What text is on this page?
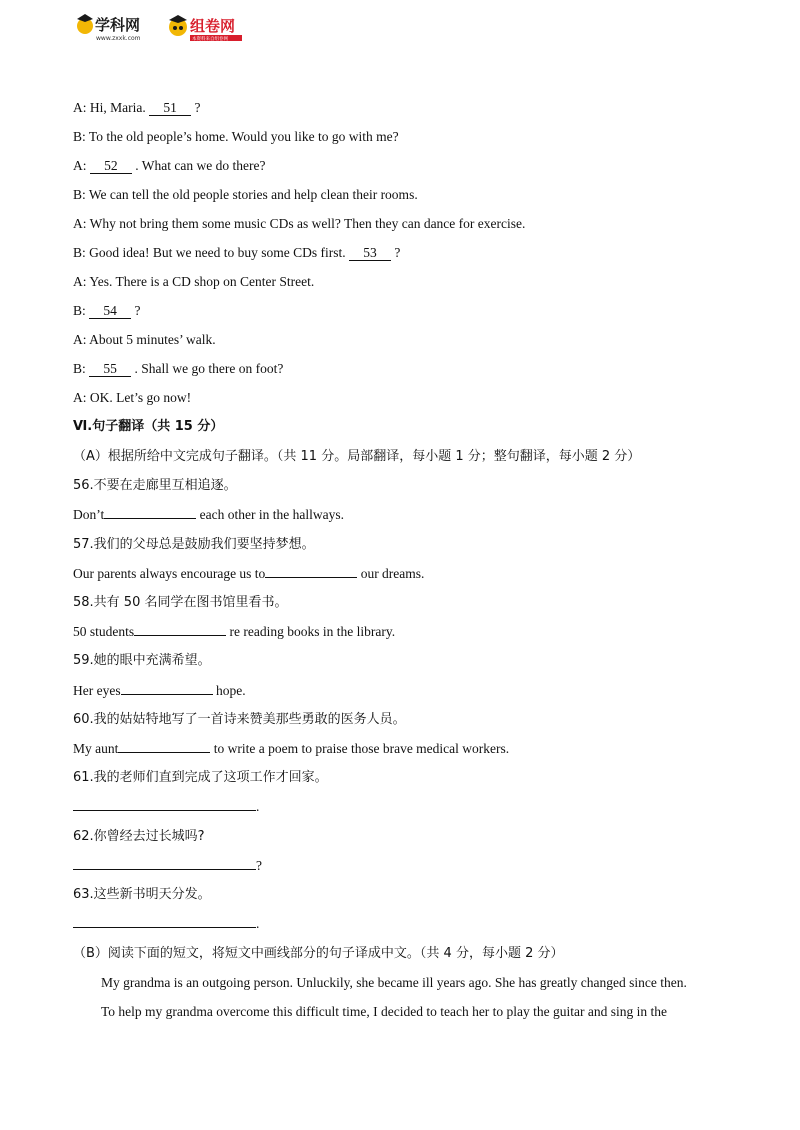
学科网
www.zxxk.com
组卷网
本资料来自组卷网
A: Hi, Maria. 51 ?
B: To the old people’s home. Would you like to go with me?
A: 52 . What can we do there?
B: We can tell the old people stories and help clean their rooms.
A: Why not bring them some music CDs as well? Then they can dance for exercise.
B: Good idea! But we need to buy some CDs first. 53 ?
A: Yes. There is a CD shop on Center Street.
B: 54 ?
A: About 5 minutes’ walk.
B: 55 . Shall we go there on foot?
A: OK. Let’s go now!
Ⅵ.句子翻译（共 15 分）
（A）根据所给中文完成句子翻译。（共 11 分。局部翻译，每小题 1 分；整句翻译，每小题 2 分）
56.不要在走廊里互相追逐。
Don’t	each other in the hallways.
57.我们的父母总是鼓励我们要坚持梦想。
Our parents always encourage us to	our dreams.
58.共有 50 名同学在图书馆里看书。
50 students	re reading books in the library.
59.她的眼中充满希望。
Her eyes	hope.
60.我的姑姑特地写了一首诗来赞美那些勇敢的医务人员。
My aunt	to write a poem to praise those brave medical workers.
61.我的老师们直到完成了这项工作才回家。
.
62.你曾经去过长城吗?
?
63.这些新书明天分发。
.
（B）阅读下面的短文，将短文中画线部分的句子译成中文。（共 4 分，每小题 2 分）
My grandma is an outgoing person. Unluckily, she became ill years ago. She has greatly changed since then.
To help my grandma overcome this difficult time, I decided to teach her to play the guitar and sing in the
